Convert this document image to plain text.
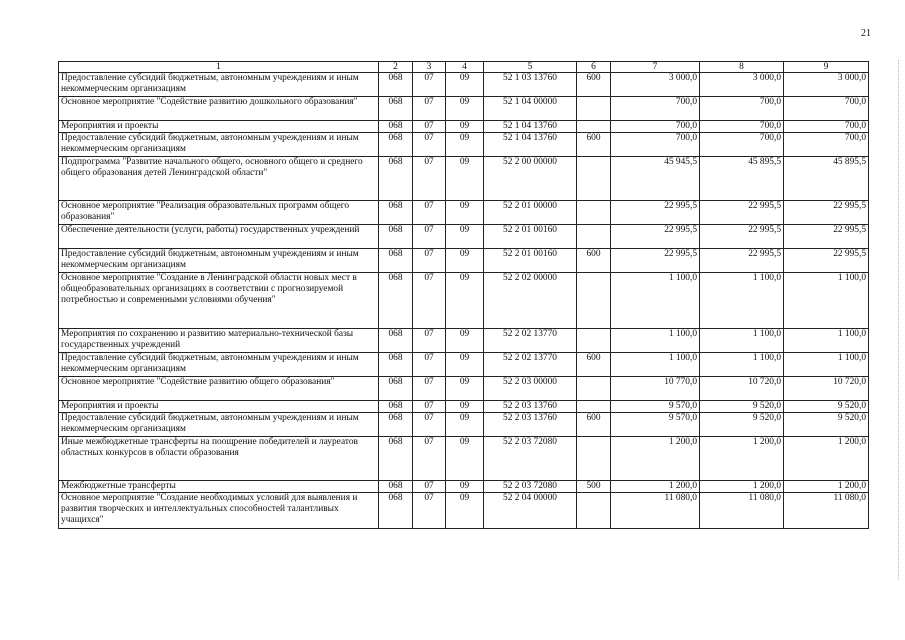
21
1	2	3	4	5	6	7	8	9
Предоставление субсидий бюджетным, автономным учреждениям и иным некоммерческим организациям	068	07	09	52 1 03 13760	600	3 000,0	3 000,0	3 000,0
Основное мероприятие "Содействие развитию дошкольного образования"	068	07	09	52 1 04 00000		700,0	700,0	700,0
Мероприятия и проекты	068	07	09	52 1 04 13760		700,0	700,0	700,0
Предоставление субсидий бюджетным, автономным учреждениям и иным некоммерческим организациям	068	07	09	52 1 04 13760	600	700,0	700,0	700,0
Подпрограмма "Развитие начального общего, основного общего и среднего общего образования детей Ленинградской области"	068	07	09	52 2 00 00000		45 945,5	45 895,5	45 895,5
Основное мероприятие "Реализация образовательных программ общего образования"	068	07	09	52 2 01 00000		22 995,5	22 995,5	22 995,5
Обеспечение деятельности (услуги, работы) государственных учреждений	068	07	09	52 2 01 00160		22 995,5	22 995,5	22 995,5
Предоставление субсидий бюджетным, автономным учреждениям и иным некоммерческим организациям	068	07	09	52 2 01 00160	600	22 995,5	22 995,5	22 995,5
Основное мероприятие "Создание в Ленинградской области новых мест в общеобразовательных организациях в соответствии с прогнозируемой потребностью и современными условиями обучения"	068	07	09	52 2 02 00000		1 100,0	1 100,0	1 100,0
Мероприятия по сохранению и развитию материально-технической базы государственных учреждений	068	07	09	52 2 02 13770		1 100,0	1 100,0	1 100,0
Предоставление субсидий бюджетным, автономным учреждениям и иным некоммерческим организациям	068	07	09	52 2 02 13770	600	1 100,0	1 100,0	1 100,0
Основное мероприятие "Содействие развитию общего образования"	068	07	09	52 2 03 00000		10 770,0	10 720,0	10 720,0
Мероприятия и проекты	068	07	09	52 2 03 13760		9 570,0	9 520,0	9 520,0
Предоставление субсидий бюджетным, автономным учреждениям и иным некоммерческим организациям	068	07	09	52 2 03 13760	600	9 570,0	9 520,0	9 520,0
Иные межбюджетные трансферты на поощрение победителей и лауреатов областных конкурсов в области образования	068	07	09	52 2 03 72080		1 200,0	1 200,0	1 200,0
Межбюджетные трансферты	068	07	09	52 2 03 72080	500	1 200,0	1 200,0	1 200,0
Основное мероприятие "Создание необходимых условий для выявления и развития творческих и интеллектуальных способностей талантливых учащихся"	068	07	09	52 2 04 00000		11 080,0	11 080,0	11 080,0
